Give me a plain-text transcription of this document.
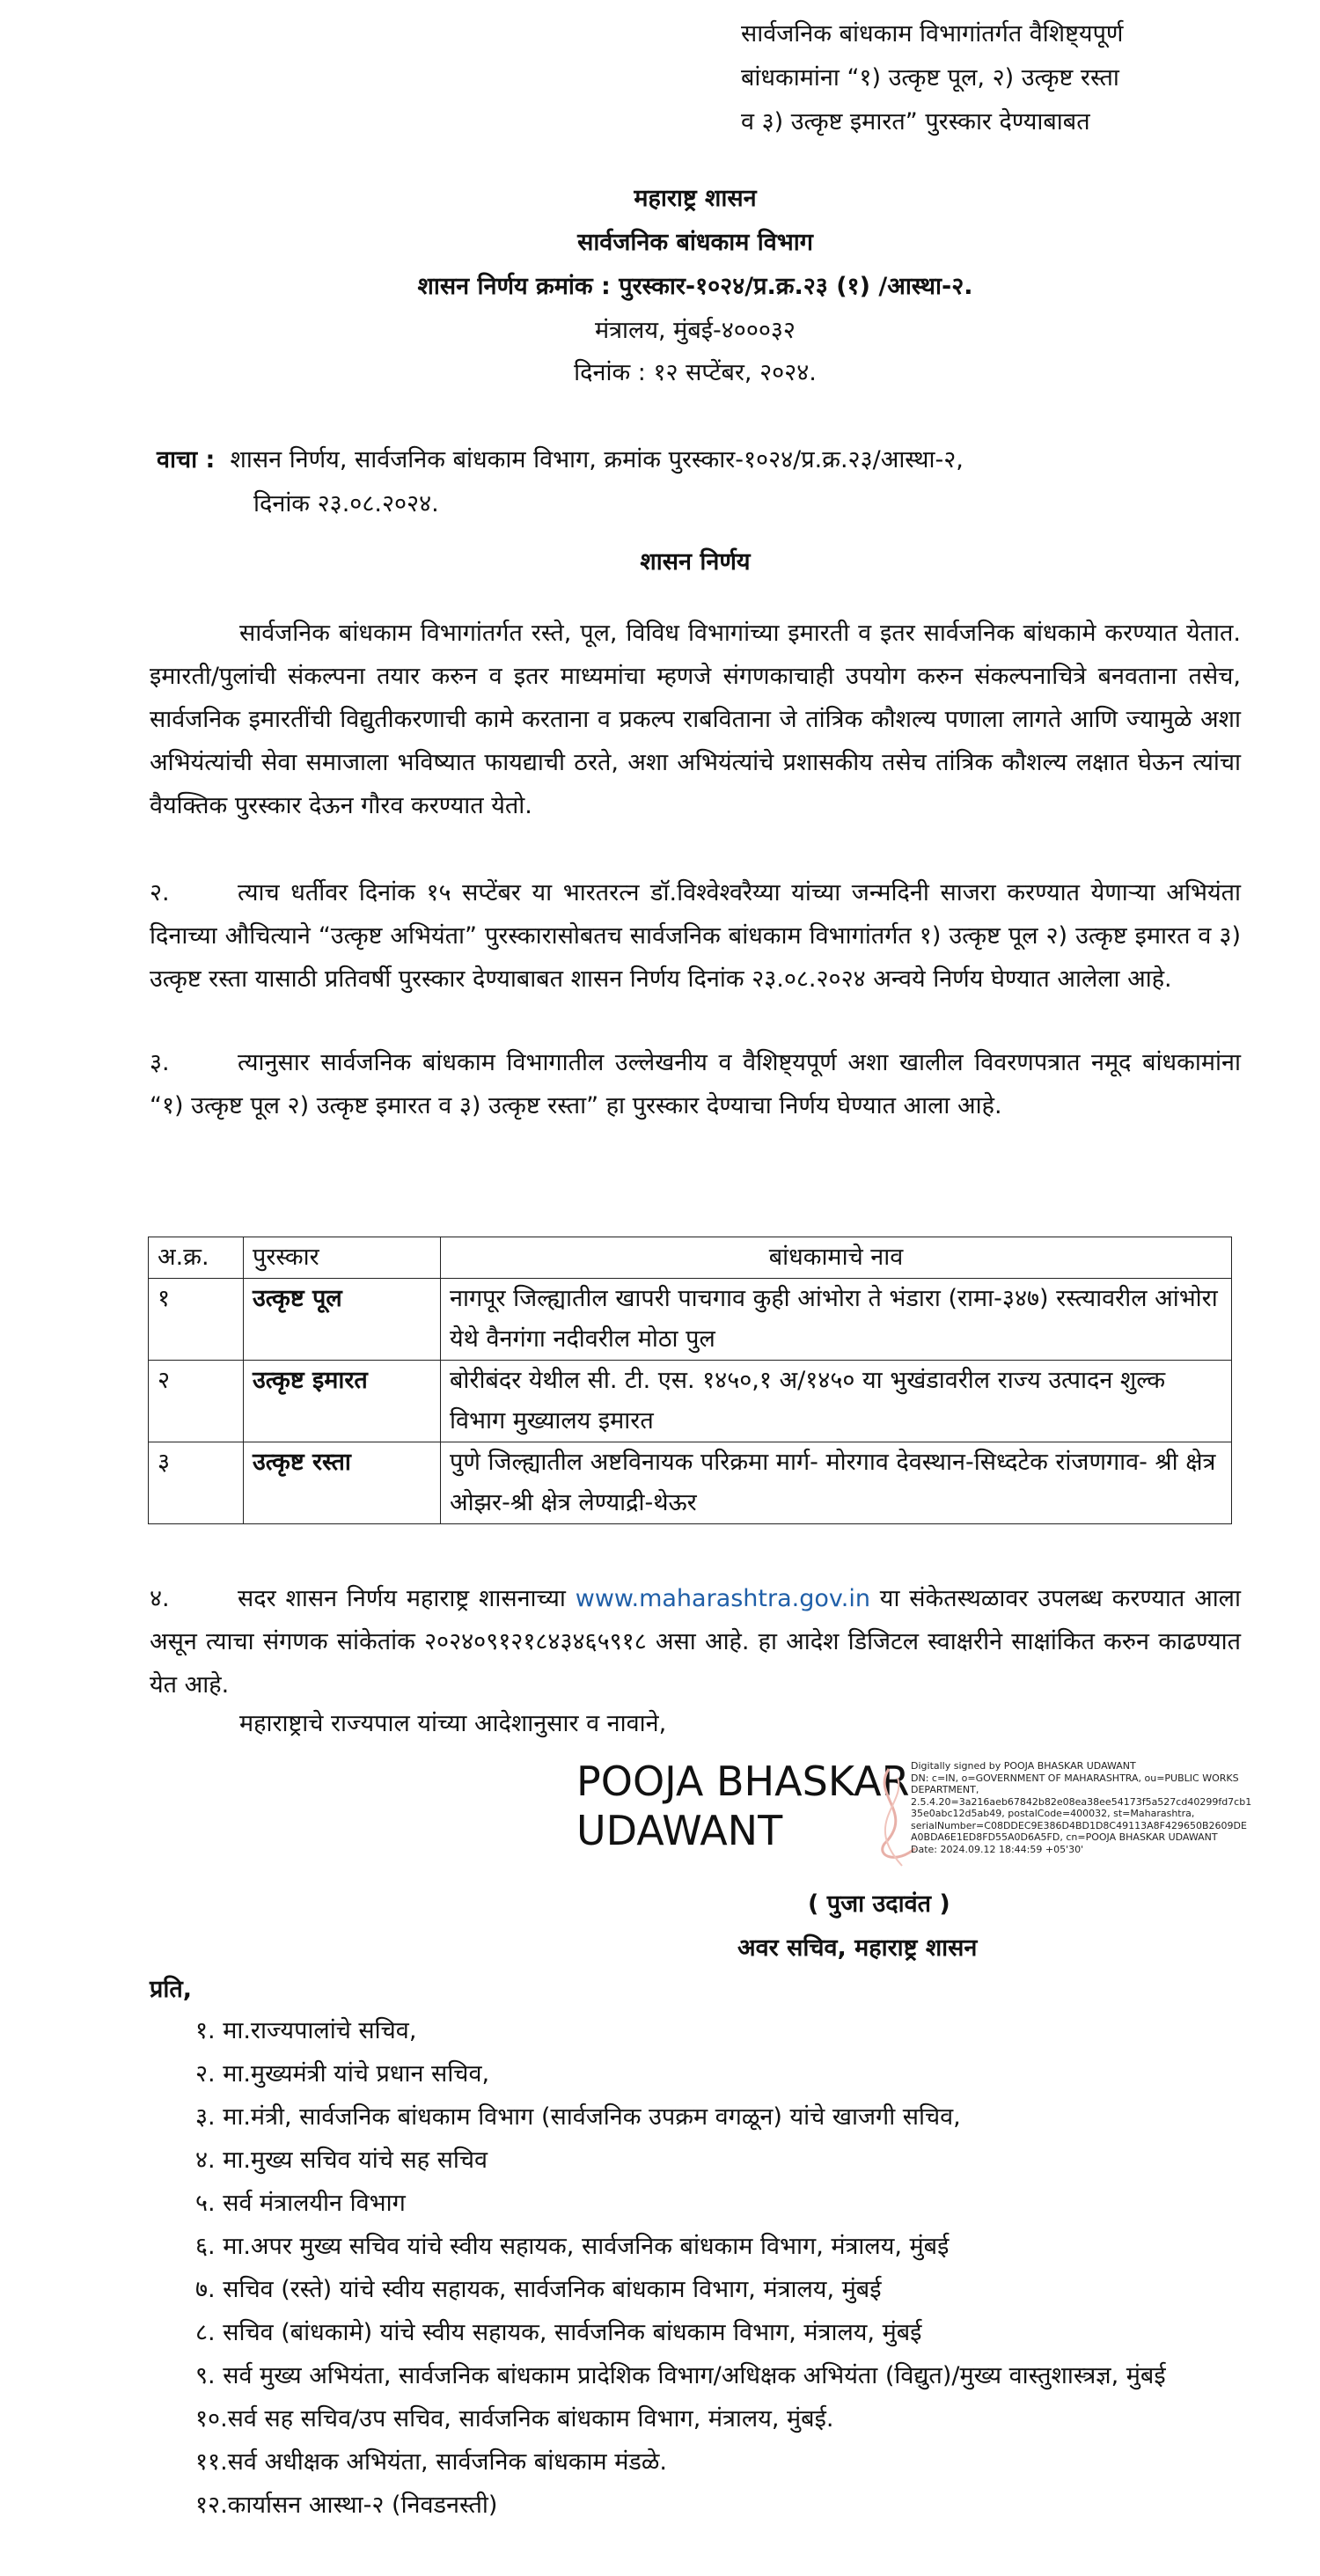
सार्वजनिक बांधकाम विभागांतर्गत वैशिष्ट्यपूर्ण
बांधकामांना “१) उत्कृष्ट पूल, २) उत्कृष्ट रस्ता
व ३) उत्कृष्ट इमारत” पुरस्कार देण्याबाबत
महाराष्ट्र शासन
सार्वजनिक बांधकाम विभाग
शासन निर्णय क्रमांक : पुरस्कार-१०२४/प्र.क्र.२३ (१) /आस्था-२.
मंत्रालय, मुंबई-४०००३२
दिनांक : १२ सप्टेंबर, २०२४.
वाचा : शासन निर्णय, सार्वजनिक बांधकाम विभाग, क्रमांक पुरस्कार-१०२४/प्र.क्र.२३/आस्था-२,
दिनांक २३.०८.२०२४.
शासन निर्णय
सार्वजनिक बांधकाम विभागांतर्गत रस्ते, पूल, विविध विभागांच्या इमारती व इतर सार्वजनिक बांधकामे करण्यात येतात. इमारती/पुलांची संकल्पना तयार करुन व इतर माध्यमांचा म्हणजे संगणकाचाही उपयोग करुन संकल्पनाचित्रे बनवताना तसेच, सार्वजनिक इमारतींची विद्युतीकरणाची कामे करताना व प्रकल्प राबविताना जे तांत्रिक कौशल्य पणाला लागते आणि ज्यामुळे अशा अभियंत्यांची सेवा समाजाला भविष्यात फायद्याची ठरते, अशा अभियंत्यांचे प्रशासकीय तसेच तांत्रिक कौशल्य लक्षात घेऊन त्यांचा वैयक्तिक पुरस्कार देऊन गौरव करण्यात येतो.
२.	त्याच धर्तीवर दिनांक १५ सप्टेंबर या भारतरत्न डॉ.विश्वेश्वरैय्या यांच्या जन्मदिनी साजरा करण्यात येणाऱ्या अभियंता दिनाच्या औचित्याने “उत्कृष्ट अभियंता” पुरस्कारासोबतच सार्वजनिक बांधकाम विभागांतर्गत १) उत्कृष्ट पूल २) उत्कृष्ट इमारत व ३) उत्कृष्ट रस्ता यासाठी प्रतिवर्षी पुरस्कार देण्याबाबत शासन निर्णय दिनांक २३.०८.२०२४ अन्वये निर्णय घेण्यात आलेला आहे.
३.	त्यानुसार सार्वजनिक बांधकाम विभागातील उल्लेखनीय व वैशिष्ट्यपूर्ण अशा खालील विवरणपत्रात नमूद बांधकामांना “१) उत्कृष्ट पूल २) उत्कृष्ट इमारत व ३) उत्कृष्ट रस्ता” हा पुरस्कार देण्याचा निर्णय घेण्यात आला आहे.
अ.क्र.	पुरस्कार	बांधकामाचे नाव
१	उत्कृष्ट पूल	नागपूर जिल्ह्यातील खापरी पाचगाव कुही आंभोरा ते भंडारा (रामा-३४७) रस्त्यावरील आंभोरा येथे वैनगंगा नदीवरील मोठा पुल
२	उत्कृष्ट इमारत	बोरीबंदर येथील सी. टी. एस. १४५०,१ अ/१४५० या भुखंडावरील राज्य उत्पादन शुल्क विभाग मुख्यालय इमारत
३	उत्कृष्ट रस्ता	पुणे जिल्ह्यातील अष्टविनायक परिक्रमा मार्ग- मोरगाव देवस्थान-सिध्दटेक रांजणगाव- श्री क्षेत्र ओझर-श्री क्षेत्र लेण्याद्री-थेऊर
४.	सदर शासन निर्णय महाराष्ट्र शासनाच्या www.maharashtra.gov.in या संकेतस्थळावर उपलब्ध करण्यात आला असून त्याचा संगणक सांकेतांक २०२४०९१२१८४३४६५९१८ असा आहे. हा आदेश डिजिटल स्वाक्षरीने साक्षांकित करुन काढण्यात येत आहे.
महाराष्ट्राचे राज्यपाल यांच्या आदेशानुसार व नावाने,
POOJA BHASKAR
UDAWANT
Digitally signed by POOJA BHASKAR UDAWANT
DN: c=IN, o=GOVERNMENT OF MAHARASHTRA, ou=PUBLIC WORKS
DEPARTMENT,
2.5.4.20=3a216aeb67842b82e08ea38ee54173f5a527cd40299fd7cb1
35e0abc12d5ab49, postalCode=400032, st=Maharashtra,
serialNumber=C08DDEC9E386D4BD1D8C49113A8F429650B2609DE
A0BDA6E1ED8FD55A0D6A5FD, cn=POOJA BHASKAR UDAWANT
Date: 2024.09.12 18:44:59 +05'30'
( पुजा उदावंत )
अवर सचिव, महाराष्ट्र शासन
प्रति,
१. मा.राज्यपालांचे सचिव,
२. मा.मुख्यमंत्री यांचे प्रधान सचिव,
३. मा.मंत्री, सार्वजनिक बांधकाम विभाग (सार्वजनिक उपक्रम वगळून) यांचे खाजगी सचिव,
४. मा.मुख्य सचिव यांचे सह सचिव
५. सर्व मंत्रालयीन विभाग
६. मा.अपर मुख्य सचिव यांचे स्वीय सहायक, सार्वजनिक बांधकाम विभाग, मंत्रालय, मुंबई
७. सचिव (रस्ते) यांचे स्वीय सहायक, सार्वजनिक बांधकाम विभाग, मंत्रालय, मुंबई
८. सचिव (बांधकामे) यांचे स्वीय सहायक, सार्वजनिक बांधकाम विभाग, मंत्रालय, मुंबई
९. सर्व मुख्य अभियंता, सार्वजनिक बांधकाम प्रादेशिक विभाग/अधिक्षक अभियंता (विद्युत)/मुख्य वास्तुशास्त्रज्ञ, मुंबई
१०.सर्व सह सचिव/उप सचिव, सार्वजनिक बांधकाम विभाग, मंत्रालय, मुंबई.
११.सर्व अधीक्षक अभियंता, सार्वजनिक बांधकाम मंडळे.
१२.कार्यासन आस्था-२ (निवडनस्ती)
